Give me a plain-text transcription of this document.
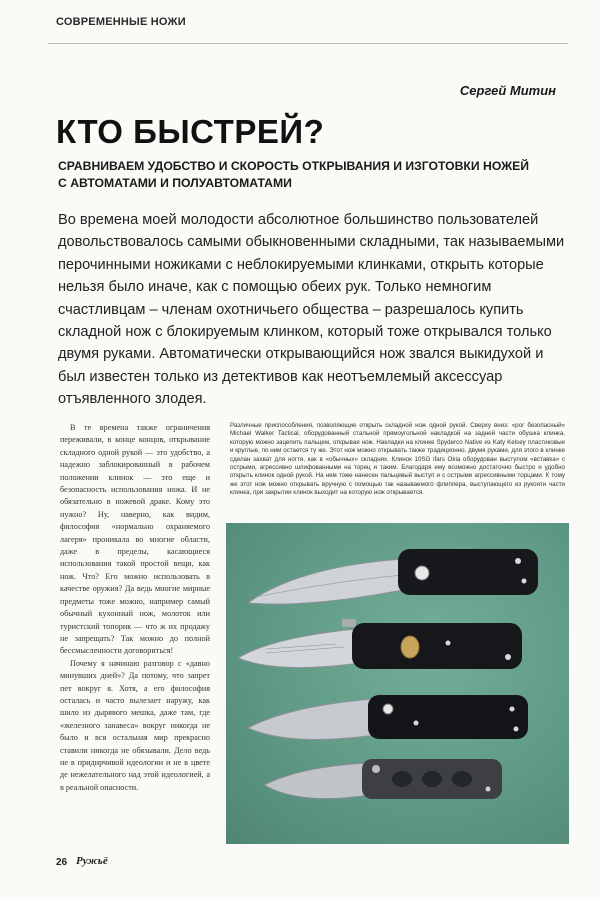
СОВРЕМЕННЫЕ НОЖИ
Сергей Митин
КТО БЫСТРЕЙ?
СРАВНИВАЕМ УДОБСТВО И СКОРОСТЬ ОТКРЫВАНИЯ И ИЗГОТОВКИ НОЖЕЙ С АВТОМАТАМИ И ПОЛУАВТОМАТАМИ

Во времена моей молодости абсолютное большинство пользователей довольствовалось самыми обыкновенными складными, так называемыми перочинными ножиками с неблокируемыми клинками, открыть которые нельзя было иначе, как с помощью обеих рук. Только немногим счастливцам – членам охотничьего общества – разрешалось купить складной нож с блокируемым клинком, который тоже открывался только двумя руками. Автоматически открывающийся нож звался выкидухой и был известен только из детективов как неотъемлемый аксессуар отъявленного злодея.

В те времена также ограничения переживали, в конце концов, открывание складного одной рукой — это удобство, а надежно заблокированный в рабочем положении клинок — это еще и безопасность использования ножа. И не обязательно в ножевой драке. Кому это нужно? Ну, наверно, как видим, философия «нормально охраняемого лагеря» проникала во многие области, даже в пределы, касающиеся использования такой простой вещи, как нож. Что? Его можно использовать в качестве оружия? Да ведь многие мирные предметы тоже можно, например самый обычный кухонный нож, молоток или туристский топорик — что ж их продажу не запрещать? Так можно до полной бессмысленности договориться!

Почему я начинаю разговор с «давно минувших дней»? Да потому, что запрет пет вокруг я. Хотя, а его философия осталась и часто вылезает наружу, как шило из дырявого мешка, даже там, где «железного занавеса» вокруг никогда не было и вся остальная мир прекрасно ставили никогда не обязывали. Дело ведь не в придирчивой идеологии и не в цвете де нежелательного над этой идеологией, а в реальной опасности.

Различные приспособления, позволяющие открыть складной нож одной рукой. Сверху вниз: «рог безопасный» Michael Walker Tactical, оборудованный стальной прямоугольной накладкой на задней части обушка клинка, которую можно зацепить пальцем, открывая нож. Накладки на клинке Spyderco Native из Katy Kelsey пластиковые и круглые, по ним остается ту же. Этот нож можно открывать также традиционно, двумя руками, для этого в клинке сделан захват для ногтя, как в «обычных» складнях. Клинок 10SG ifars Okia оборудован выступом «вставка» с острыми, агрессивно шлифованными на торец и таким. Благодаря ему возможно достаточно быстро и удобно открыть клинок одной рукой. На нем тоже нанесен пальцевый выступ и с острыми агрессивными торцами. К тому же этот нож можно открывать вручную с помощью так называемого флиппера, выступающего из рукояти части клинка, при закрытии клинок выходит на которую нож открывается.
26 Ружьё
